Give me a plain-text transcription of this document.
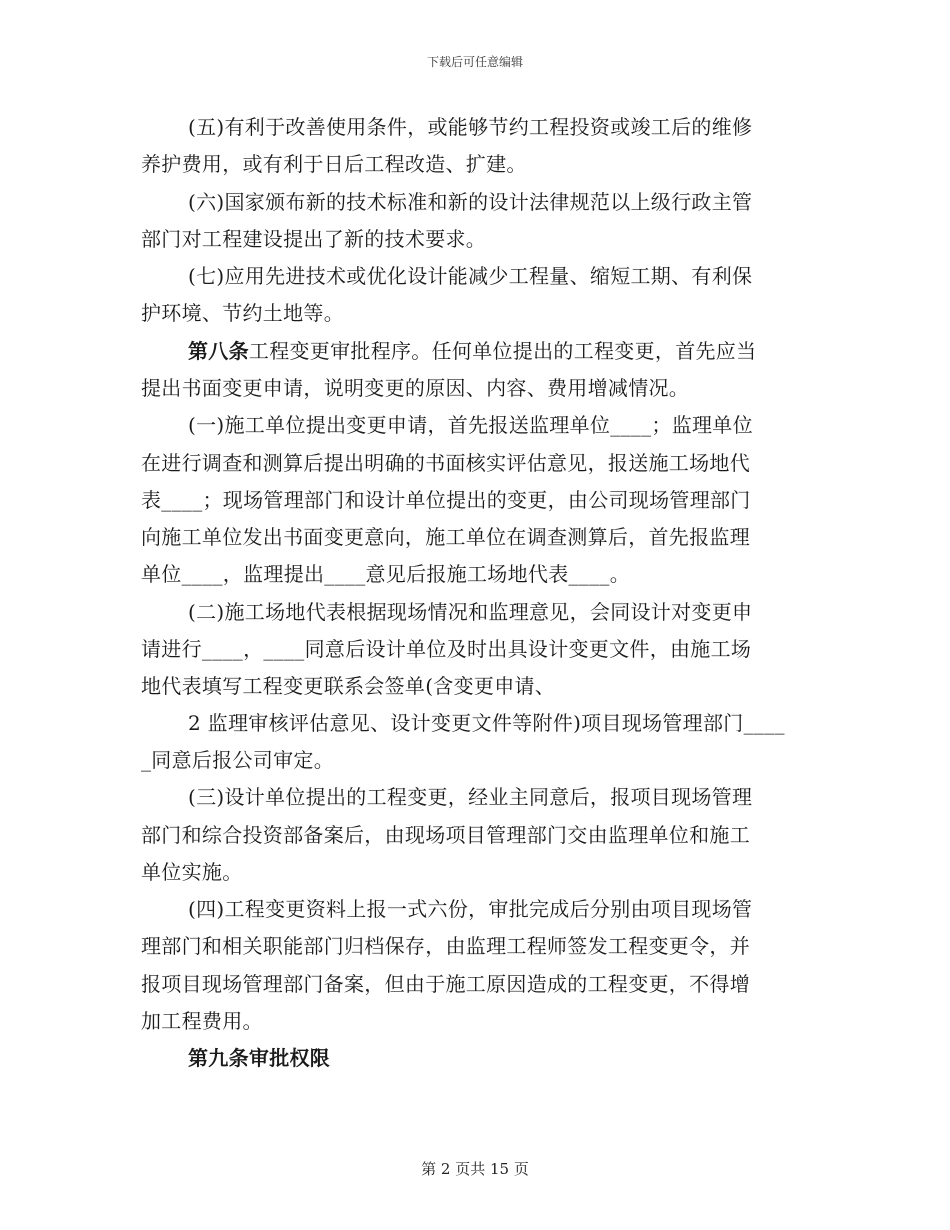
下载后可任意编辑
(五)有利于改善使用条件，或能够节约工程投资或竣工后的维修
养护费用，或有利于日后工程改造、扩建。
(六)国家颁布新的技术标准和新的设计法律规范以上级行政主管
部门对工程建设提出了新的技术要求。
(七)应用先进技术或优化设计能减少工程量、缩短工期、有利保
护环境、节约土地等。
第八条工程变更审批程序。任何单位提出的工程变更，首先应当
提出书面变更申请，说明变更的原因、内容、费用增减情况。
(一)施工单位提出变更申请，首先报送监理单位____；监理单位
在进行调查和测算后提出明确的书面核实评估意见，报送施工场地代
表____；现场管理部门和设计单位提出的变更，由公司现场管理部门
向施工单位发出书面变更意向，施工单位在调查测算后，首先报监理
单位____，监理提出____意见后报施工场地代表____。
(二)施工场地代表根据现场情况和监理意见，会同设计对变更申
请进行____，____同意后设计单位及时出具设计变更文件，由施工场
地代表填写工程变更联系会签单(含变更申请、
2 监理审核评估意见、设计变更文件等附件)项目现场管理部门____
_同意后报公司审定。
(三)设计单位提出的工程变更，经业主同意后，报项目现场管理
部门和综合投资部备案后，由现场项目管理部门交由监理单位和施工
单位实施。
(四)工程变更资料上报一式六份，审批完成后分别由项目现场管
理部门和相关职能部门归档保存，由监理工程师签发工程变更令，并
报项目现场管理部门备案，但由于施工原因造成的工程变更，不得增
加工程费用。
第九条审批权限
第 2 页共 15 页
